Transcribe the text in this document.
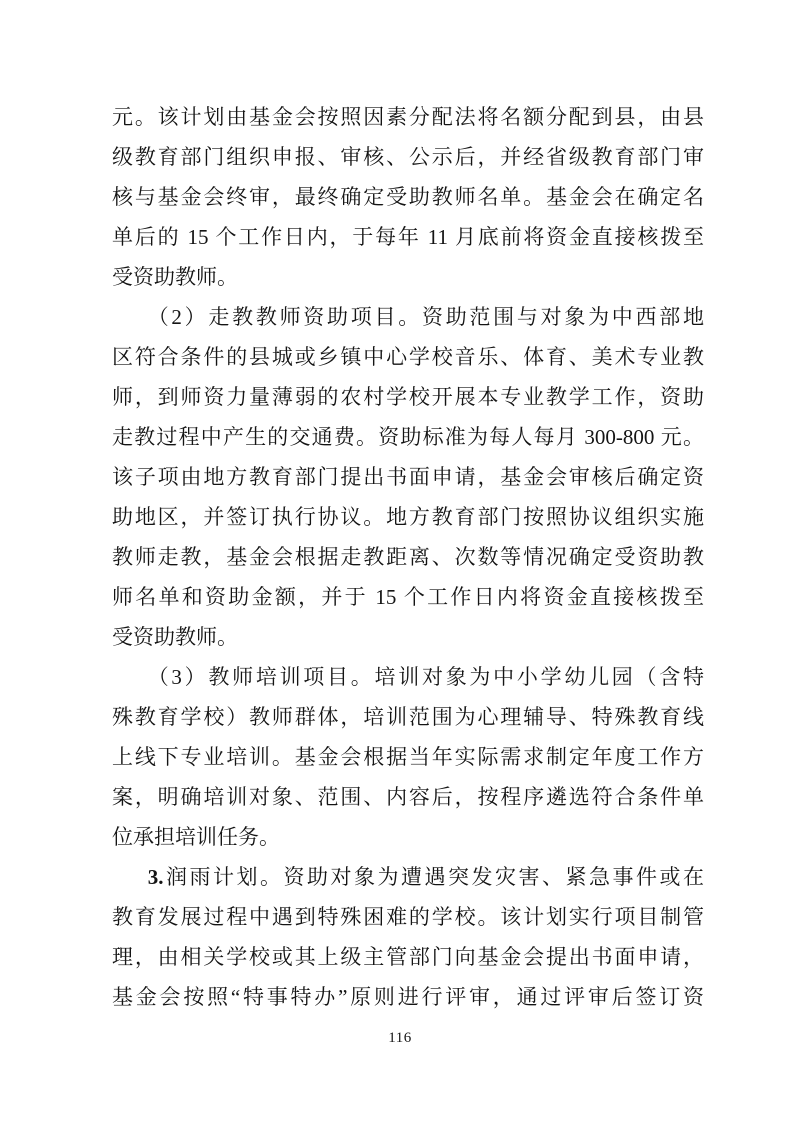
元。该计划由基金会按照因素分配法将名额分配到县，由县
级教育部门组织申报、审核、公示后，并经省级教育部门审
核与基金会终审，最终确定受助教师名单。基金会在确定名
单后的 15 个工作日内，于每年 11 月底前将资金直接核拨至
受资助教师。
（2）走教教师资助项目。资助范围与对象为中西部地
区符合条件的县城或乡镇中心学校音乐、体育、美术专业教
师，到师资力量薄弱的农村学校开展本专业教学工作，资助
走教过程中产生的交通费。资助标准为每人每月 300-800 元。
该子项由地方教育部门提出书面申请，基金会审核后确定资
助地区，并签订执行协议。地方教育部门按照协议组织实施
教师走教，基金会根据走教距离、次数等情况确定受资助教
师名单和资助金额，并于 15 个工作日内将资金直接核拨至
受资助教师。
（3）教师培训项目。培训对象为中小学幼儿园（含特
殊教育学校）教师群体，培训范围为心理辅导、特殊教育线
上线下专业培训。基金会根据当年实际需求制定年度工作方
案，明确培训对象、范围、内容后，按程序遴选符合条件单
位承担培训任务。
3.润雨计划。资助对象为遭遇突发灾害、紧急事件或在
教育发展过程中遇到特殊困难的学校。该计划实行项目制管
理，由相关学校或其上级主管部门向基金会提出书面申请，
基金会按照“特事特办”原则进行评审，通过评审后签订资
116
